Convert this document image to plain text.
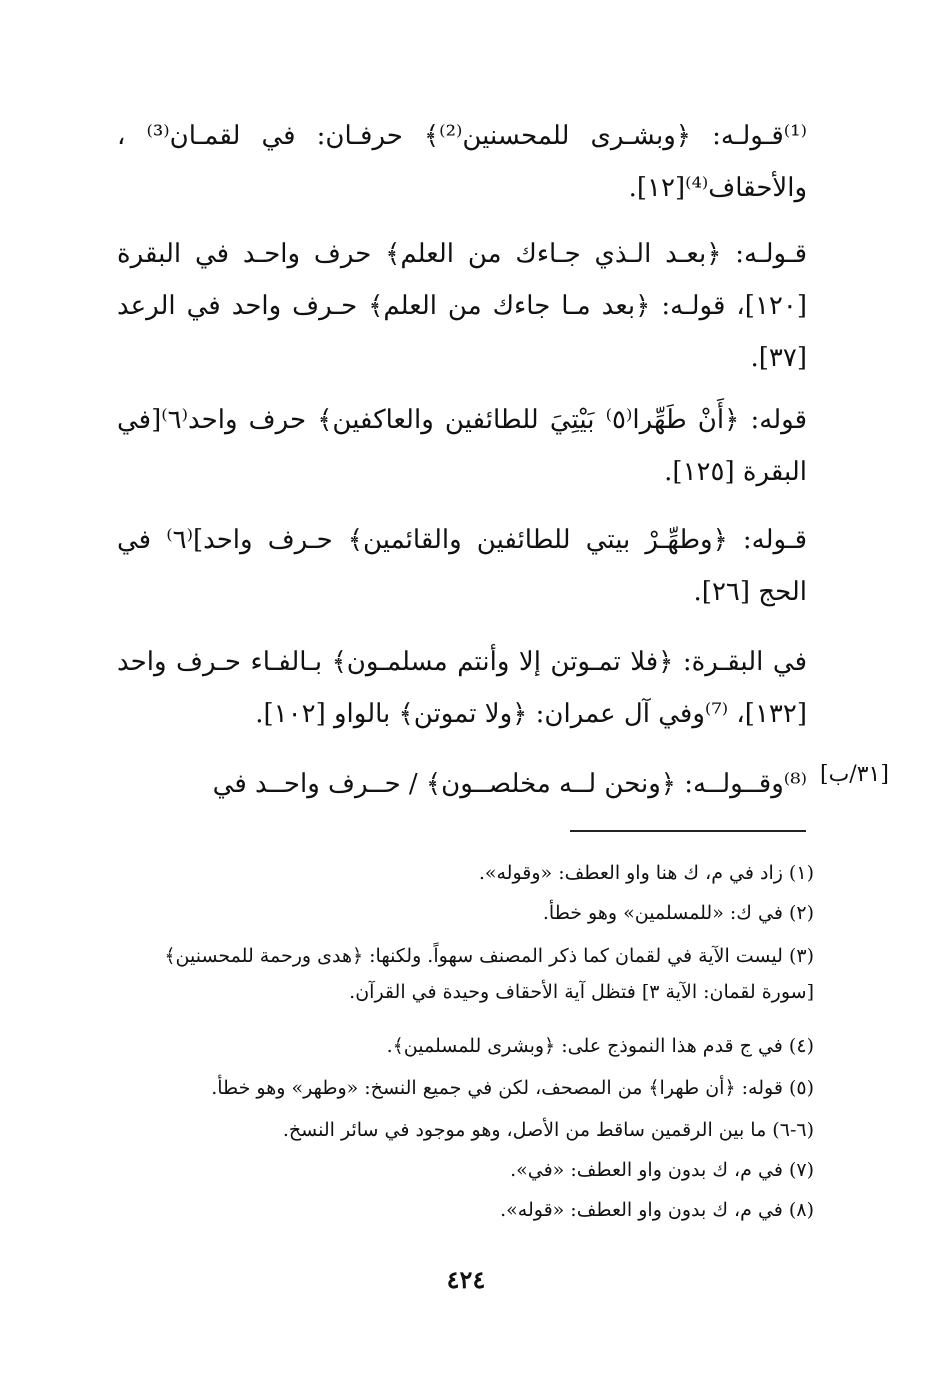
⁽¹⁾قـولـه: ﴿وبشـرى للمحسنين⁽²⁾﴾ حرفـان: في لقمـان⁽³⁾ ، والأحقاف⁽⁴⁾[١٢].
قـولـه: ﴿بعـد الـذي جـاءك من العلم﴾ حرف واحـد في البقرة [١٢٠]، قولـه: ﴿بعد مـا جاءك من العلم﴾ حـرف واحد في الرعد [٣٧].
قوله: ﴿أَنْ طَهِّرا⁽٥⁾ بَيْتِيَ للطائفين والعاكفين﴾ حرف واحد⁽٦⁾[في البقرة [١٢٥].
قـوله: ﴿وطهِّـرْ بيتي للطائفين والقائمين﴾ حـرف واحد]⁽٦⁾ في الحج [٢٦].
في البقـرة: ﴿فلا تمـوتن إلا وأنتم مسلمـون﴾ بـالفـاء حـرف واحد [١٣٢]، ⁽⁷⁾وفي آل عمران: ﴿ولا تموتن﴾ بالواو [١٠٢].
⁽⁸⁾وقــولــه: ﴿ونحن لــه مخلصــون﴾ / حــرف واحــد في [٣١/ب]
(١) زاد في م، ك هنا واو العطف: «وقوله».
(٢) في ك: «للمسلمين» وهو خطأ.
(٣) ليست الآية في لقمان كما ذكر المصنف سهواً. ولكنها: ﴿هدى ورحمة للمحسنين﴾ [سورة لقمان: الآية ٣] فتظل آية الأحقاف وحيدة في القرآن.
(٤) في ج قدم هذا النموذج على: ﴿وبشرى للمسلمين﴾.
(٥) قوله: ﴿أن طهرا﴾ من المصحف، لكن في جميع النسخ: «وطهر» وهو خطأ.
(٦-٦) ما بين الرقمين ساقط من الأصل، وهو موجود في سائر النسخ.
(٧) في م، ك بدون واو العطف: «في».
(٨) في م، ك بدون واو العطف: «قوله».
٤٢٤
